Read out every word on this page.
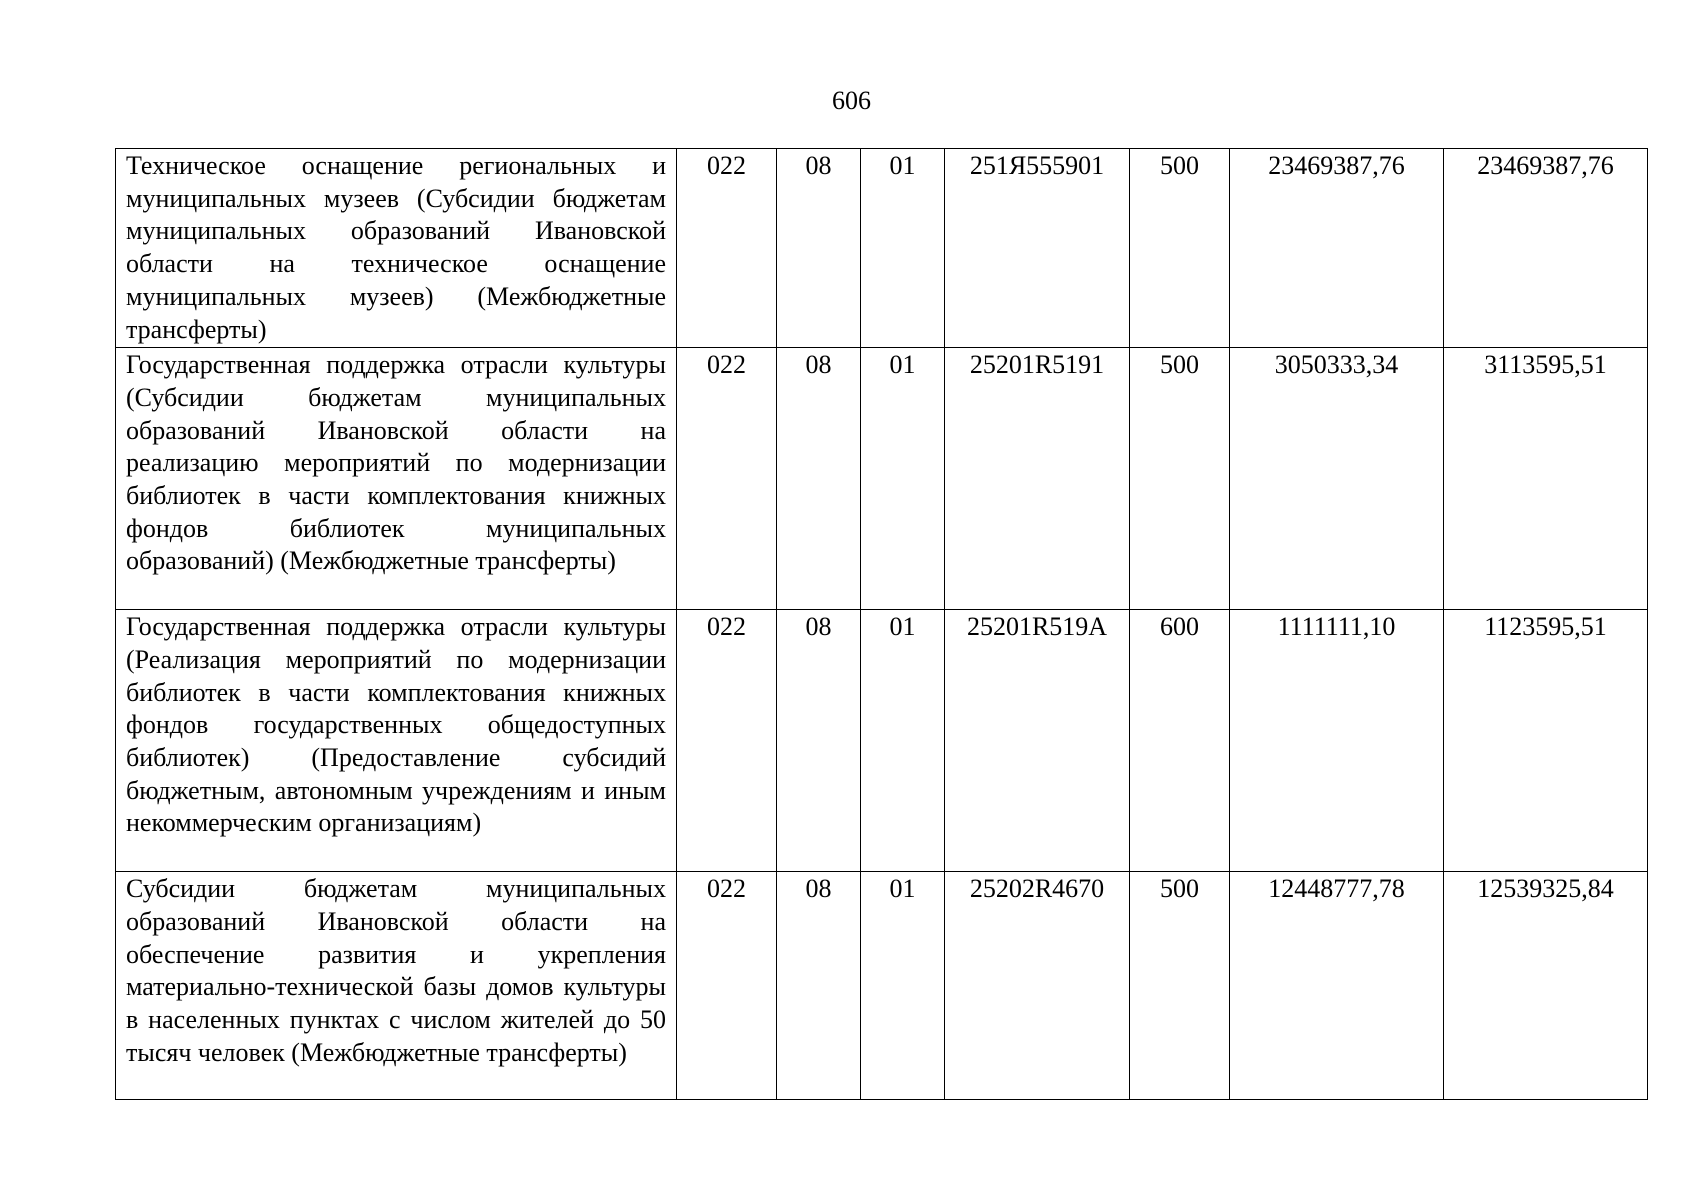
606
Техническое оснащение региональных и муниципальных музеев (Субсидии бюджетам муниципальных образований Ивановской области на техническое оснащение муниципальных музеев) (Межбюджетные трансферты)	022	08	01	251Я555901	500	23469387,76	23469387,76
Государственная поддержка отрасли культуры (Субсидии бюджетам муниципальных образований Ивановской области на реализацию мероприятий по модернизации библиотек в части комплектования книжных фондов библиотек муниципальных образований) (Межбюджетные трансферты)	022	08	01	25201R5191	500	3050333,34	3113595,51
Государственная поддержка отрасли культуры (Реализация мероприятий по модернизации библиотек в части комплектования книжных фондов государственных общедоступных библиотек) (Предоставление субсидий бюджетным, автономным учреждениям и иным некоммерческим организациям)	022	08	01	25201R519A	600	1111111,10	1123595,51
Субсидии бюджетам муниципальных образований Ивановской области на обеспечение развития и укрепления материально-технической базы домов культуры в населенных пунктах с числом жителей до 50 тысяч человек (Межбюджетные трансферты)	022	08	01	25202R4670	500	12448777,78	12539325,84
